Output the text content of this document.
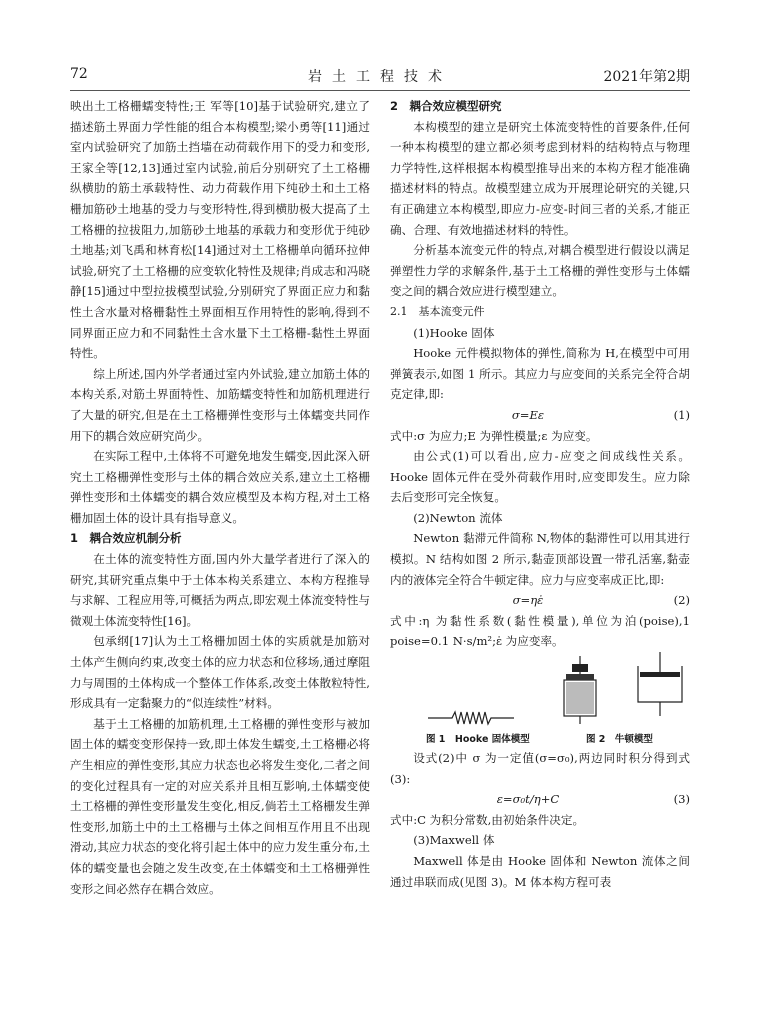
72	岩土工程技术	2021年第2期

映出土工格栅蠕变特性;王 军等[10]基于试验研究,建立了描述筋土界面力学性能的组合本构模型;梁小勇等[11]通过室内试验研究了加筋土挡墙在动荷载作用下的受力和变形,王家全等[12,13]通过室内试验,前后分别研究了土工格栅纵横肋的筋土承载特性、动力荷载作用下纯砂土和土工格栅加筋砂土地基的受力与变形特性,得到横肋极大提高了土工格栅的拉拔阻力,加筋砂土地基的承载力和变形优于纯砂土地基;刘飞禹和林育松[14]通过对土工格栅单向循环拉伸试验,研究了土工格栅的应变软化特性及规律;肖成志和冯晓静[15]通过中型拉拔模型试验,分别研究了界面正应力和黏性土含水量对格栅黏性土界面相互作用特性的影响,得到不同界面正应力和不同黏性土含水量下土工格栅-黏性土界面特性。

综上所述,国内外学者通过室内外试验,建立加筋土体的本构关系,对筋土界面特性、加筋蠕变特性和加筋机理进行了大量的研究,但是在土工格栅弹性变形与土体蠕变共同作用下的耦合效应研究尚少。

在实际工程中,土体将不可避免地发生蠕变,因此深入研究土工格栅弹性变形与土体的耦合效应关系,建立土工格栅弹性变形和土体蠕变的耦合效应模型及本构方程,对土工格栅加固土体的设计具有指导意义。

1　耦合效应机制分析

在土体的流变特性方面,国内外大量学者进行了深入的研究,其研究重点集中于土体本构关系建立、本构方程推导与求解、工程应用等,可概括为两点,即宏观土体流变特性与微观土体流变特性[16]。

包承纲[17]认为土工格栅加固土体的实质就是加筋对土体产生侧向约束,改变土体的应力状态和位移场,通过摩阻力与周围的土体构成一个整体工作体系,改变土体散粒特性,形成具有一定黏聚力的“似连续性”材料。

基于土工格栅的加筋机理,土工格栅的弹性变形与被加固土体的蠕变变形保持一致,即土体发生蠕变,土工格栅必将产生相应的弹性变形,其应力状态也必将发生变化,二者之间的变化过程具有一定的对应关系并且相互影响,土体蠕变使土工格栅的弹性变形量发生变化,相反,倘若土工格栅发生弹性变形,加筋土中的土工格栅与土体之间相互作用且不出现滑动,其应力状态的变化将引起土体中的应力发生重分布,土体的蠕变量也会随之发生改变,在土体蠕变和土工格栅弹性变形之间必然存在耦合效应。

2　耦合效应模型研究

本构模型的建立是研究土体流变特性的首要条件,任何一种本构模型的建立都必须考虑到材料的结构特点与物理力学特性,这样根据本构模型推导出来的本构方程才能准确描述材料的特点。故模型建立成为开展理论研究的关键,只有正确建立本构模型,即应力-应变-时间三者的关系,才能正确、合理、有效地描述材料的特性。

分析基本流变元件的特点,对耦合模型进行假设以满足弹塑性力学的求解条件,基于土工格栅的弹性变形与土体蠕变之间的耦合效应进行模型建立。

2.1　基本流变元件

(1)Hooke 固体

Hooke 元件模拟物体的弹性,简称为 H,在模型中可用弹簧表示,如图 1 所示。其应力与应变间的关系完全符合胡克定律,即:

σ=Eε	(1)

式中:σ 为应力;E 为弹性模量;ε 为应变。

由公式(1)可以看出,应力-应变之间成线性关系。Hooke 固体元件在受外荷载作用时,应变即发生。应力除去后变形可完全恢复。

(2)Newton 流体

Newton 黏滞元件简称 N,物体的黏滞性可以用其进行模拟。N 结构如图 2 所示,黏壶顶部设置一带孔活塞,黏壶内的液体完全符合牛顿定律。应力与应变率成正比,即:

σ=ηε̇	(2)

式中:η 为黏性系数(黏性模量),单位为泊(poise),1 poise=0.1 N·s/m²;ε̇ 为应变率。

图 1　Hooke 固体模型	图 2　牛顿模型

设式(2)中 σ 为一定值(σ=σ₀),两边同时积分得到式(3):

ε=σ₀t/η+C	(3)

式中:C 为积分常数,由初始条件决定。

(3)Maxwell 体

Maxwell 体是由 Hooke 固体和 Newton 流体之间通过串联而成(见图 3)。M 体本构方程可表
